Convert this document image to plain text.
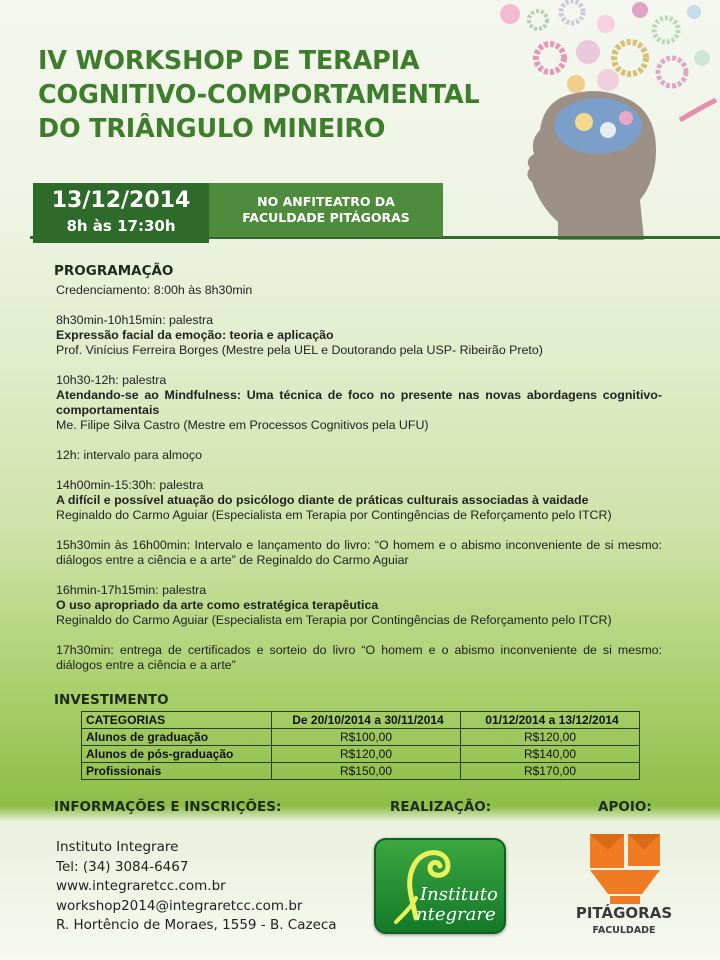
IV WORKSHOP DE TERAPIA
COGNITIVO-COMPORTAMENTAL
DO TRIÂNGULO MINEIRO
NO ANFITEATRO DA
FACULDADE PITÁGORAS
13/12/2014
8h às 17:30h
PROGRAMAÇÃO

Credenciamento: 8:00h às 8h30min

8h30min-10h15min: palestra

Expressão facial da emoção: teoria e aplicação

Prof. Vinícius Ferreira Borges (Mestre pela UEL e Doutorando pela USP- Ribeirão Preto)

10h30-12h: palestra

Atendando-se ao Mindfulness: Uma técnica de foco no presente nas novas abordagens cognitivo-comportamentais

Me. Filipe Silva Castro (Mestre em Processos Cognitivos pela UFU)

12h: intervalo para almoço

14h00min-15:30h: palestra

A difícil e possível atuação do psicólogo diante de práticas culturais associadas à vaidade

Reginaldo do Carmo Aguiar (Especialista em Terapia por Contingências de Reforçamento pelo ITCR)

15h30min às 16h00min: Intervalo e lançamento do livro: “O homem e o abismo inconveniente de si mesmo: diálogos entre a ciência e a arte” de Reginaldo do Carmo Aguiar

16hmin-17h15min: palestra

O uso apropriado da arte como estratégica terapêutica

Reginaldo do Carmo Aguiar (Especialista em Terapia por Contingências de Reforçamento pelo ITCR)

17h30min: entrega de certificados e sorteio do livro “O homem e o abismo inconveniente de si mesmo: diálogos entre a ciência e a arte”

INVESTIMENTO
CATEGORIAS	De 20/10/2014 a 30/11/2014	01/12/2014 a 13/12/2014
Alunos de graduação	R$100,00	R$120,00
Alunos de pós-graduação	R$120,00	R$140,00
Profissionais	R$150,00	R$170,00
INFORMAÇÕES E INSCRIÇÕES:	REALIZAÇÃO:	APOIO:
Instituto Integrare
Tel: (34) 3084-6467
www.integraretcc.com.br
workshop2014@integraretcc.com.br
R. Hortêncio de Moraes, 1559 - B. Cazeca
Instituto
ntegrare	PITÁGORAS
FACULDADE
